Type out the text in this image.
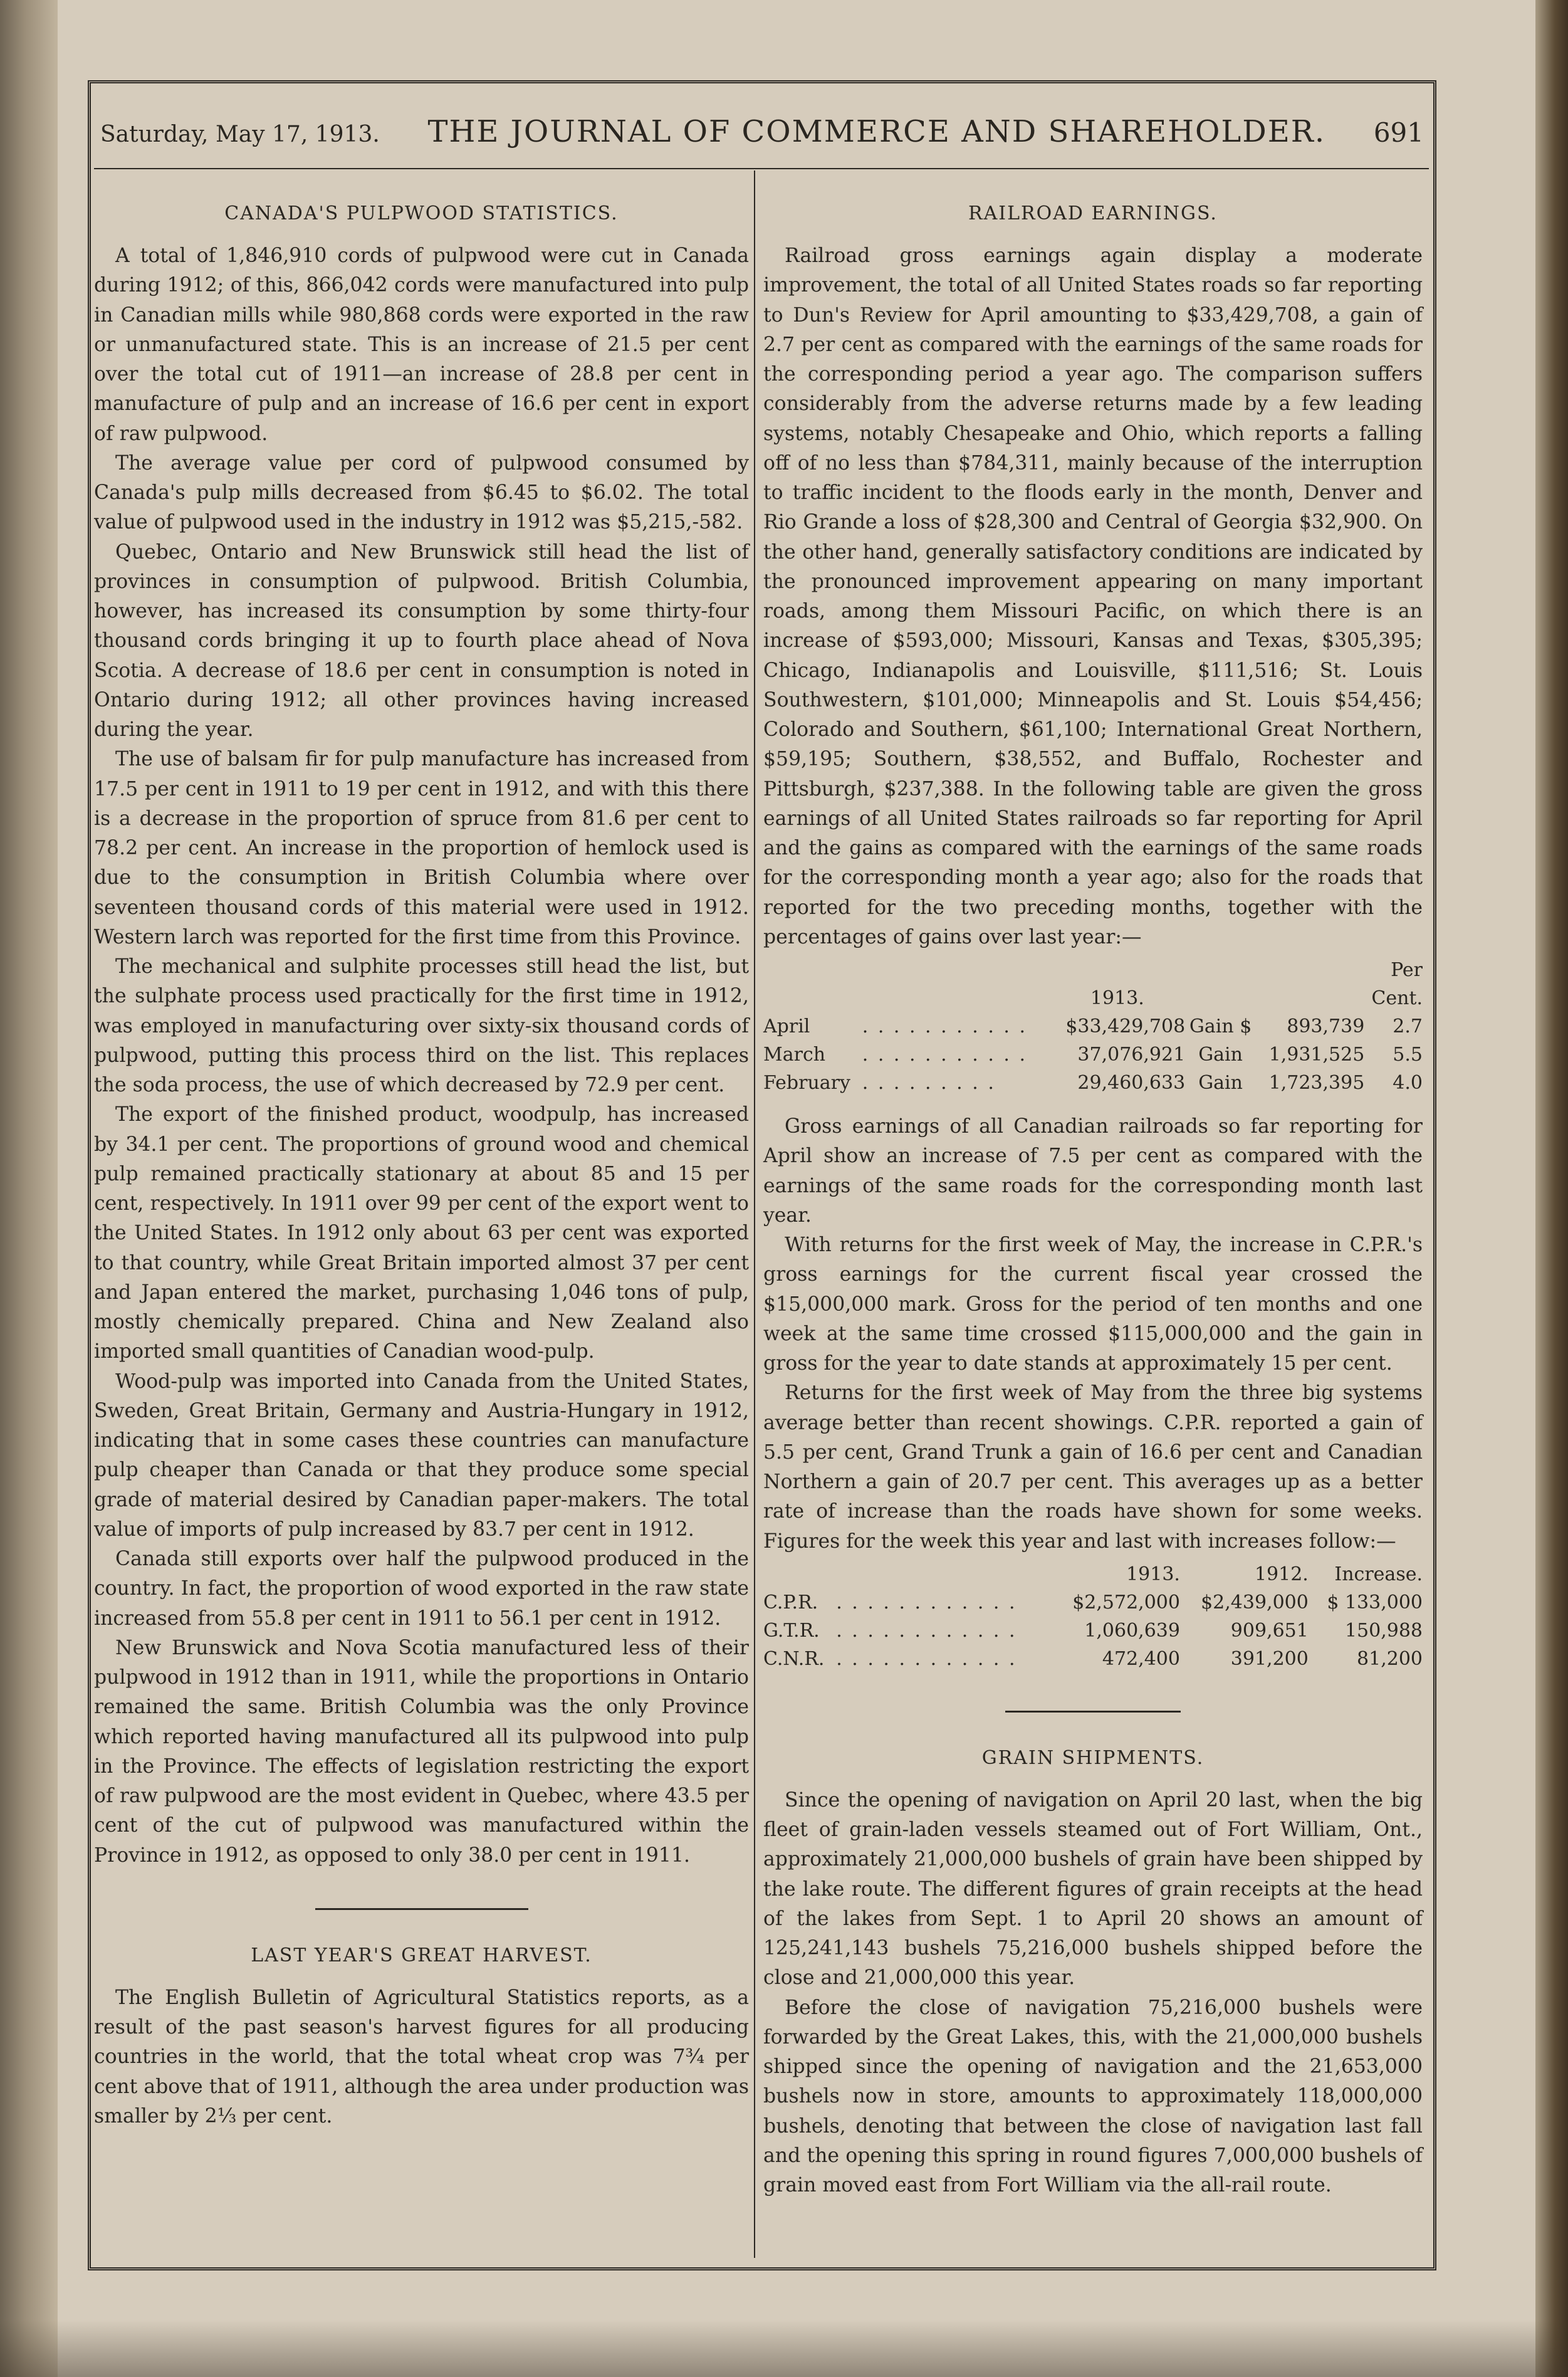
Saturday, May 17, 1913. THE JOURNAL OF COMMERCE AND SHAREHOLDER. 691
CANADA'S PULPWOOD STATISTICS.

A total of 1,846,910 cords of pulpwood were cut in Canada during 1912; of this, 866,042 cords were manufactured into pulp in Canadian mills while 980,868 cords were exported in the raw or unmanufactured state. This is an increase of 21.5 per cent over the total cut of 1911—an increase of 28.8 per cent in manufacture of pulp and an increase of 16.6 per cent in export of raw pulpwood.

The average value per cord of pulpwood consumed by Canada's pulp mills decreased from $6.45 to $6.02. The total value of pulpwood used in the industry in 1912 was $5,215,-582.

Quebec, Ontario and New Brunswick still head the list of provinces in consumption of pulpwood. British Columbia, however, has increased its consumption by some thirty-four thousand cords bringing it up to fourth place ahead of Nova Scotia. A decrease of 18.6 per cent in consumption is noted in Ontario during 1912; all other provinces having increased during the year.

The use of balsam fir for pulp manufacture has increased from 17.5 per cent in 1911 to 19 per cent in 1912, and with this there is a decrease in the proportion of spruce from 81.6 per cent to 78.2 per cent. An increase in the proportion of hemlock used is due to the consumption in British Columbia where over seventeen thousand cords of this material were used in 1912. Western larch was reported for the first time from this Province.

The mechanical and sulphite processes still head the list, but the sulphate process used practically for the first time in 1912, was employed in manufacturing over sixty-six thousand cords of pulpwood, putting this process third on the list. This replaces the soda process, the use of which decreased by 72.9 per cent.

The export of the finished product, woodpulp, has increased by 34.1 per cent. The proportions of ground wood and chemical pulp remained practically stationary at about 85 and 15 per cent, respectively. In 1911 over 99 per cent of the export went to the United States. In 1912 only about 63 per cent was exported to that country, while Great Britain imported almost 37 per cent and Japan entered the market, purchasing 1,046 tons of pulp, mostly chemically prepared. China and New Zealand also imported small quantities of Canadian wood-pulp.

Wood-pulp was imported into Canada from the United States, Sweden, Great Britain, Germany and Austria-Hungary in 1912, indicating that in some cases these countries can manufacture pulp cheaper than Canada or that they produce some special grade of material desired by Canadian paper-makers. The total value of imports of pulp increased by 83.7 per cent in 1912.

Canada still exports over half the pulpwood produced in the country. In fact, the proportion of wood exported in the raw state increased from 55.8 per cent in 1911 to 56.1 per cent in 1912.

New Brunswick and Nova Scotia manufactured less of their pulpwood in 1912 than in 1911, while the proportions in Ontario remained the same. British Columbia was the only Province which reported having manufactured all its pulpwood into pulp in the Province. The effects of legislation restricting the export of raw pulpwood are the most evident in Quebec, where 43.5 per cent of the cut of pulpwood was manufactured within the Province in 1912, as opposed to only 38.0 per cent in 1911.

LAST YEAR'S GREAT HARVEST.

The English Bulletin of Agricultural Statistics reports, as a result of the past season's harvest figures for all producing countries in the world, that the total wheat crop was 7¾ per cent above that of 1911, although the area under production was smaller by 2⅓ per cent.

RAILROAD EARNINGS.

Railroad gross earnings again display a moderate improvement, the total of all United States roads so far reporting to Dun's Review for April amounting to $33,429,708, a gain of 2.7 per cent as compared with the earnings of the same roads for the corresponding period a year ago. The comparison suffers considerably from the adverse returns made by a few leading systems, notably Chesapeake and Ohio, which reports a falling off of no less than $784,311, mainly because of the interruption to traffic incident to the floods early in the month, Denver and Rio Grande a loss of $28,300 and Central of Georgia $32,900. On the other hand, generally satisfactory conditions are indicated by the pronounced improvement appearing on many important roads, among them Missouri Pacific, on which there is an increase of $593,000; Missouri, Kansas and Texas, $305,395; Chicago, Indianapolis and Louisville, $111,516; St. Louis Southwestern, $101,000; Minneapolis and St. Louis $54,456; Colorado and Southern, $61,100; International Great Northern, $59,195; Southern, $38,552, and Buffalo, Rochester and Pittsburgh, $237,388. In the following table are given the gross earnings of all United States railroads so far reporting for April and the gains as compared with the earnings of the same roads for the corresponding month a year ago; also for the roads that reported for the two preceding months, together with the percentages of gains over last year:—

					Per
		1913.			Cent.
April	. . . . . . . . . . .	$33,429,708	Gain $	893,739	2.7
March	. . . . . . . . . . .	37,076,921	Gain	1,931,525	5.5
February	. . . . . . . . .	29,460,633	Gain	1,723,395	4.0

Gross earnings of all Canadian railroads so far reporting for April show an increase of 7.5 per cent as compared with the earnings of the same roads for the corresponding month last year.

With returns for the first week of May, the increase in C.P.R.'s gross earnings for the current fiscal year crossed the $15,000,000 mark. Gross for the period of ten months and one week at the same time crossed $115,000,000 and the gain in gross for the year to date stands at approximately 15 per cent.

Returns for the first week of May from the three big systems average better than recent showings. C.P.R. reported a gain of 5.5 per cent, Grand Trunk a gain of 16.6 per cent and Canadian Northern a gain of 20.7 per cent. This averages up as a better rate of increase than the roads have shown for some weeks. Figures for the week this year and last with increases follow:—

		1913.	1912.	Increase.
C.P.R.	. . . . . . . . . . . .	$2,572,000	$2,439,000	$ 133,000
G.T.R.	. . . . . . . . . . . .	1,060,639	909,651	150,988
C.N.R.	. . . . . . . . . . . .	472,400	391,200	81,200
GRAIN SHIPMENTS.

Since the opening of navigation on April 20 last, when the big fleet of grain-laden vessels steamed out of Fort William, Ont., approximately 21,000,000 bushels of grain have been shipped by the lake route. The different figures of grain receipts at the head of the lakes from Sept. 1 to April 20 shows an amount of 125,241,143 bushels 75,216,000 bushels shipped before the close and 21,000,000 this year.

Before the close of navigation 75,216,000 bushels were forwarded by the Great Lakes, this, with the 21,000,000 bushels shipped since the opening of navigation and the 21,653,000 bushels now in store, amounts to approximately 118,000,000 bushels, denoting that between the close of navigation last fall and the opening this spring in round figures 7,000,000 bushels of grain moved east from Fort William via the all-rail route.
